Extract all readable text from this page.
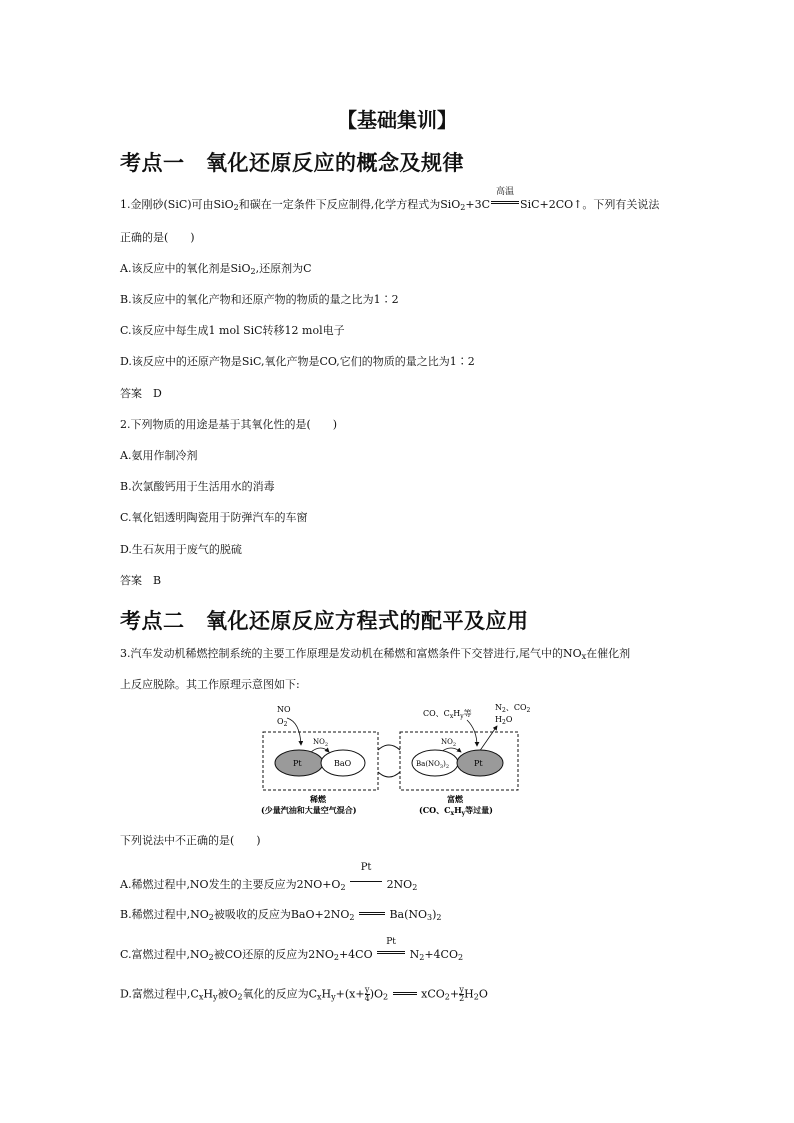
【基础集训】
考点一　氧化还原反应的概念及规律
1.金刚砂(SiC)可由SiO$_2$和碳在一定条件下反应制得,化学方程式为SiO$_2$+3C
高温
SiC+2CO↑。下列有关说法
正确的是(　　)
A.该反应中的氧化剂是SiO$_2$,还原剂为C
B.该反应中的氧化产物和还原产物的物质的量之比为1∶2
C.该反应中每生成1 mol SiC转移12 mol电子
D.该反应中的还原产物是SiC,氧化产物是CO,它们的物质的量之比为1∶2
答案　D
2.下列物质的用途是基于其氧化性的是(　　)
A.氨用作制冷剂
B.次氯酸钙用于生活用水的消毒
C.氧化铝透明陶瓷用于防弹汽车的车窗
D.生石灰用于废气的脱硫
答案　B
考点二　氧化还原反应方程式的配平及应用
3.汽车发动机稀燃控制系统的主要工作原理是发动机在稀燃和富燃条件下交替进行,尾气中的$NO_x$在催化剂
上反应脱除。其工作原理示意图如下:
NO
$O_2$
$NO_2$
Pt	BaO
稀燃
(少量汽油和大量空气混合)
CO、$C_xH_y$等
$N_2$、$CO_2$
$H_2O$
$NO_2$
$Ba(NO_3)_2$	Pt
富燃
(CO、$C_xH_y$等过量)
下列说法中不正确的是(　　)
A.稀燃过程中,NO发生的主要反应为$2NO+O_2$
Pt
$2NO_2$
B.稀燃过程中$,NO_2$被吸收的反应为$BaO+2NO_2$	$Ba(NO_3)_2$
C.富燃过程中$,NO_2$被CO还原的反应为$2NO_2+4CO$
Pt
$N_2+4CO_2$
D.富燃过程中$,C_xH_y$被$O_2$氧化的反应为$C_xH_y+(x+ \frac{y}{4} )O_2$	$xCO_2+ \frac{y}{2} H_2O$
